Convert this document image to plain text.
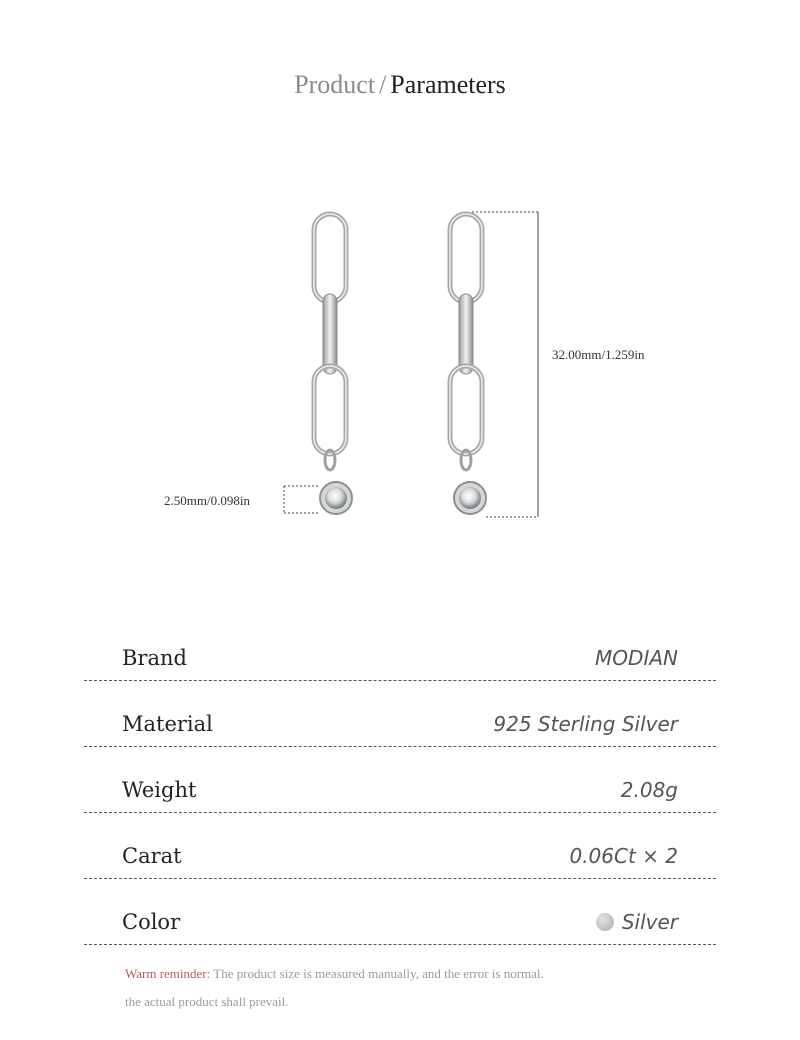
Product / Parameters
2.50mm/0.098in
32.00mm/1.259in
Brand	MODIAN
Material	925 Sterling Silver
Weight	2.08g
Carat	0.06Ct × 2
Color	Silver
Warm reminder: The product size is measured manually, and the error is normal.
the actual product shall prevail.
